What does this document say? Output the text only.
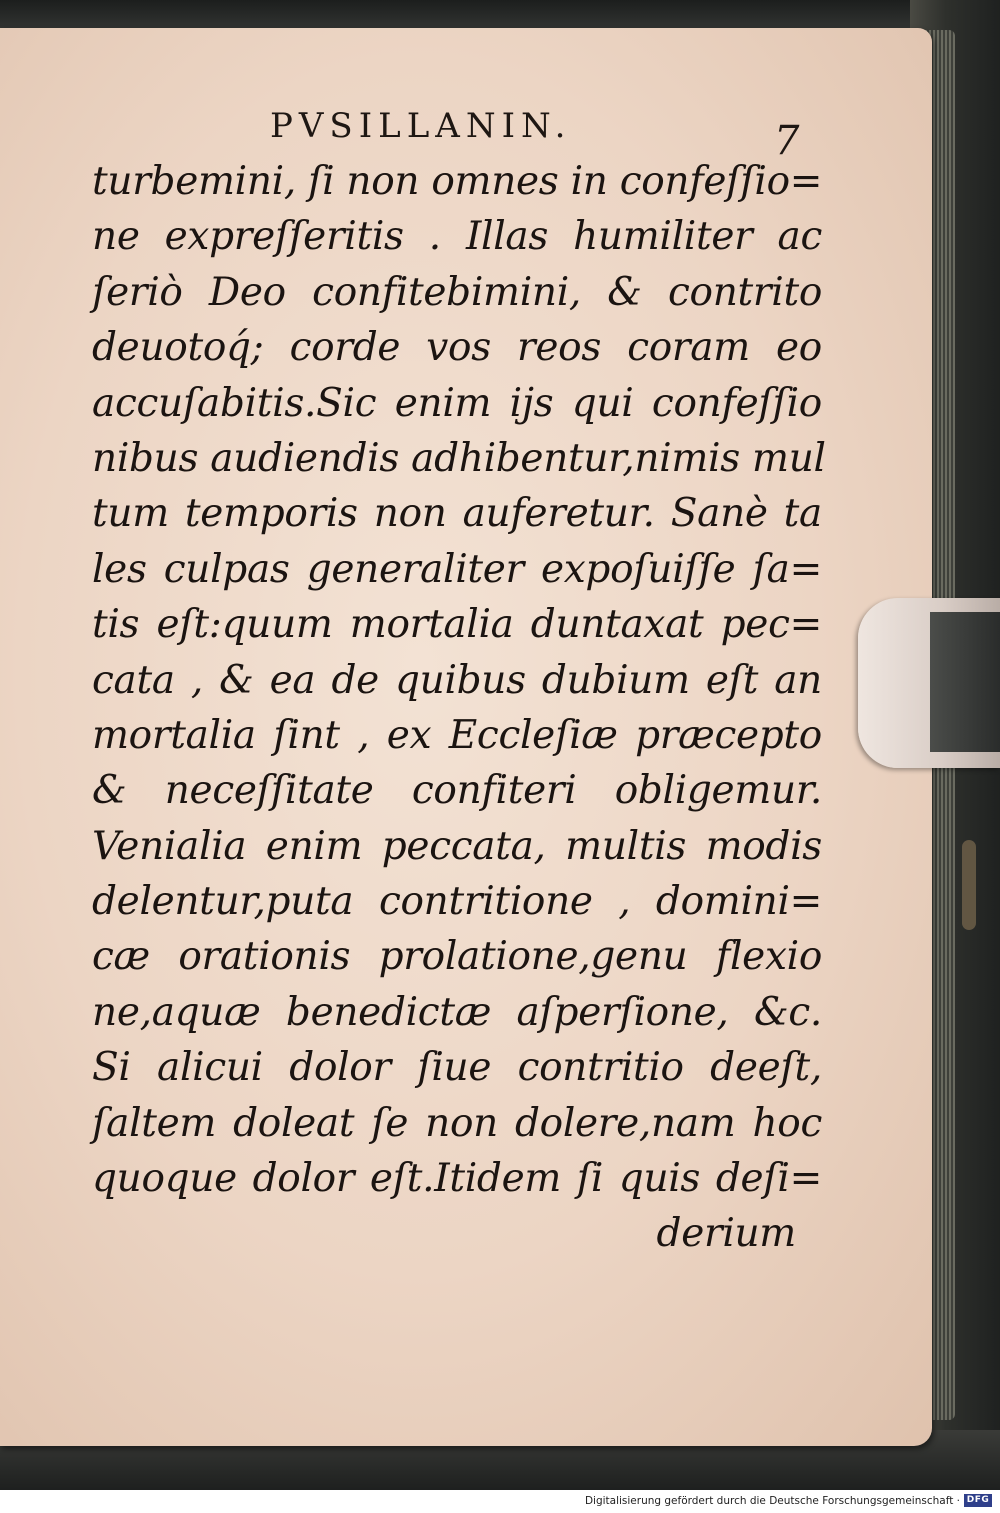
PVSILLANIN.	7
turbemini, ſi non omnes in confeſſio=
ne expreſſeritis . Illas humiliter ac
ſeriò Deo confitebimini, & contrito
deuotoq́; corde vos reos coram eo
accuſabitis.Sic enim ijs qui confeſſio
nibus audiendis adhibentur,nimis mul
tum temporis non auferetur. Sanè ta
les culpas generaliter expoſuiſſe ſa=
tis eſt:quum mortalia duntaxat pec=
cata , & ea de quibus dubium eſt an
mortalia ſint , ex Eccleſiæ præcepto
& neceſſitate confiteri obligemur.
Venialia enim peccata, multis modis
delentur,puta contritione , domini=
cæ orationis prolatione,genu flexio
ne,aquæ benedictæ aſperſione, &c.
Si alicui dolor ſiue contritio deeſt,
ſaltem doleat ſe non dolere,nam hoc
quoque dolor eſt.Itidem ſi quis deſi=
derium
Digitalisierung gefördert durch die Deutsche Forschungsgemeinschaft · DFG
